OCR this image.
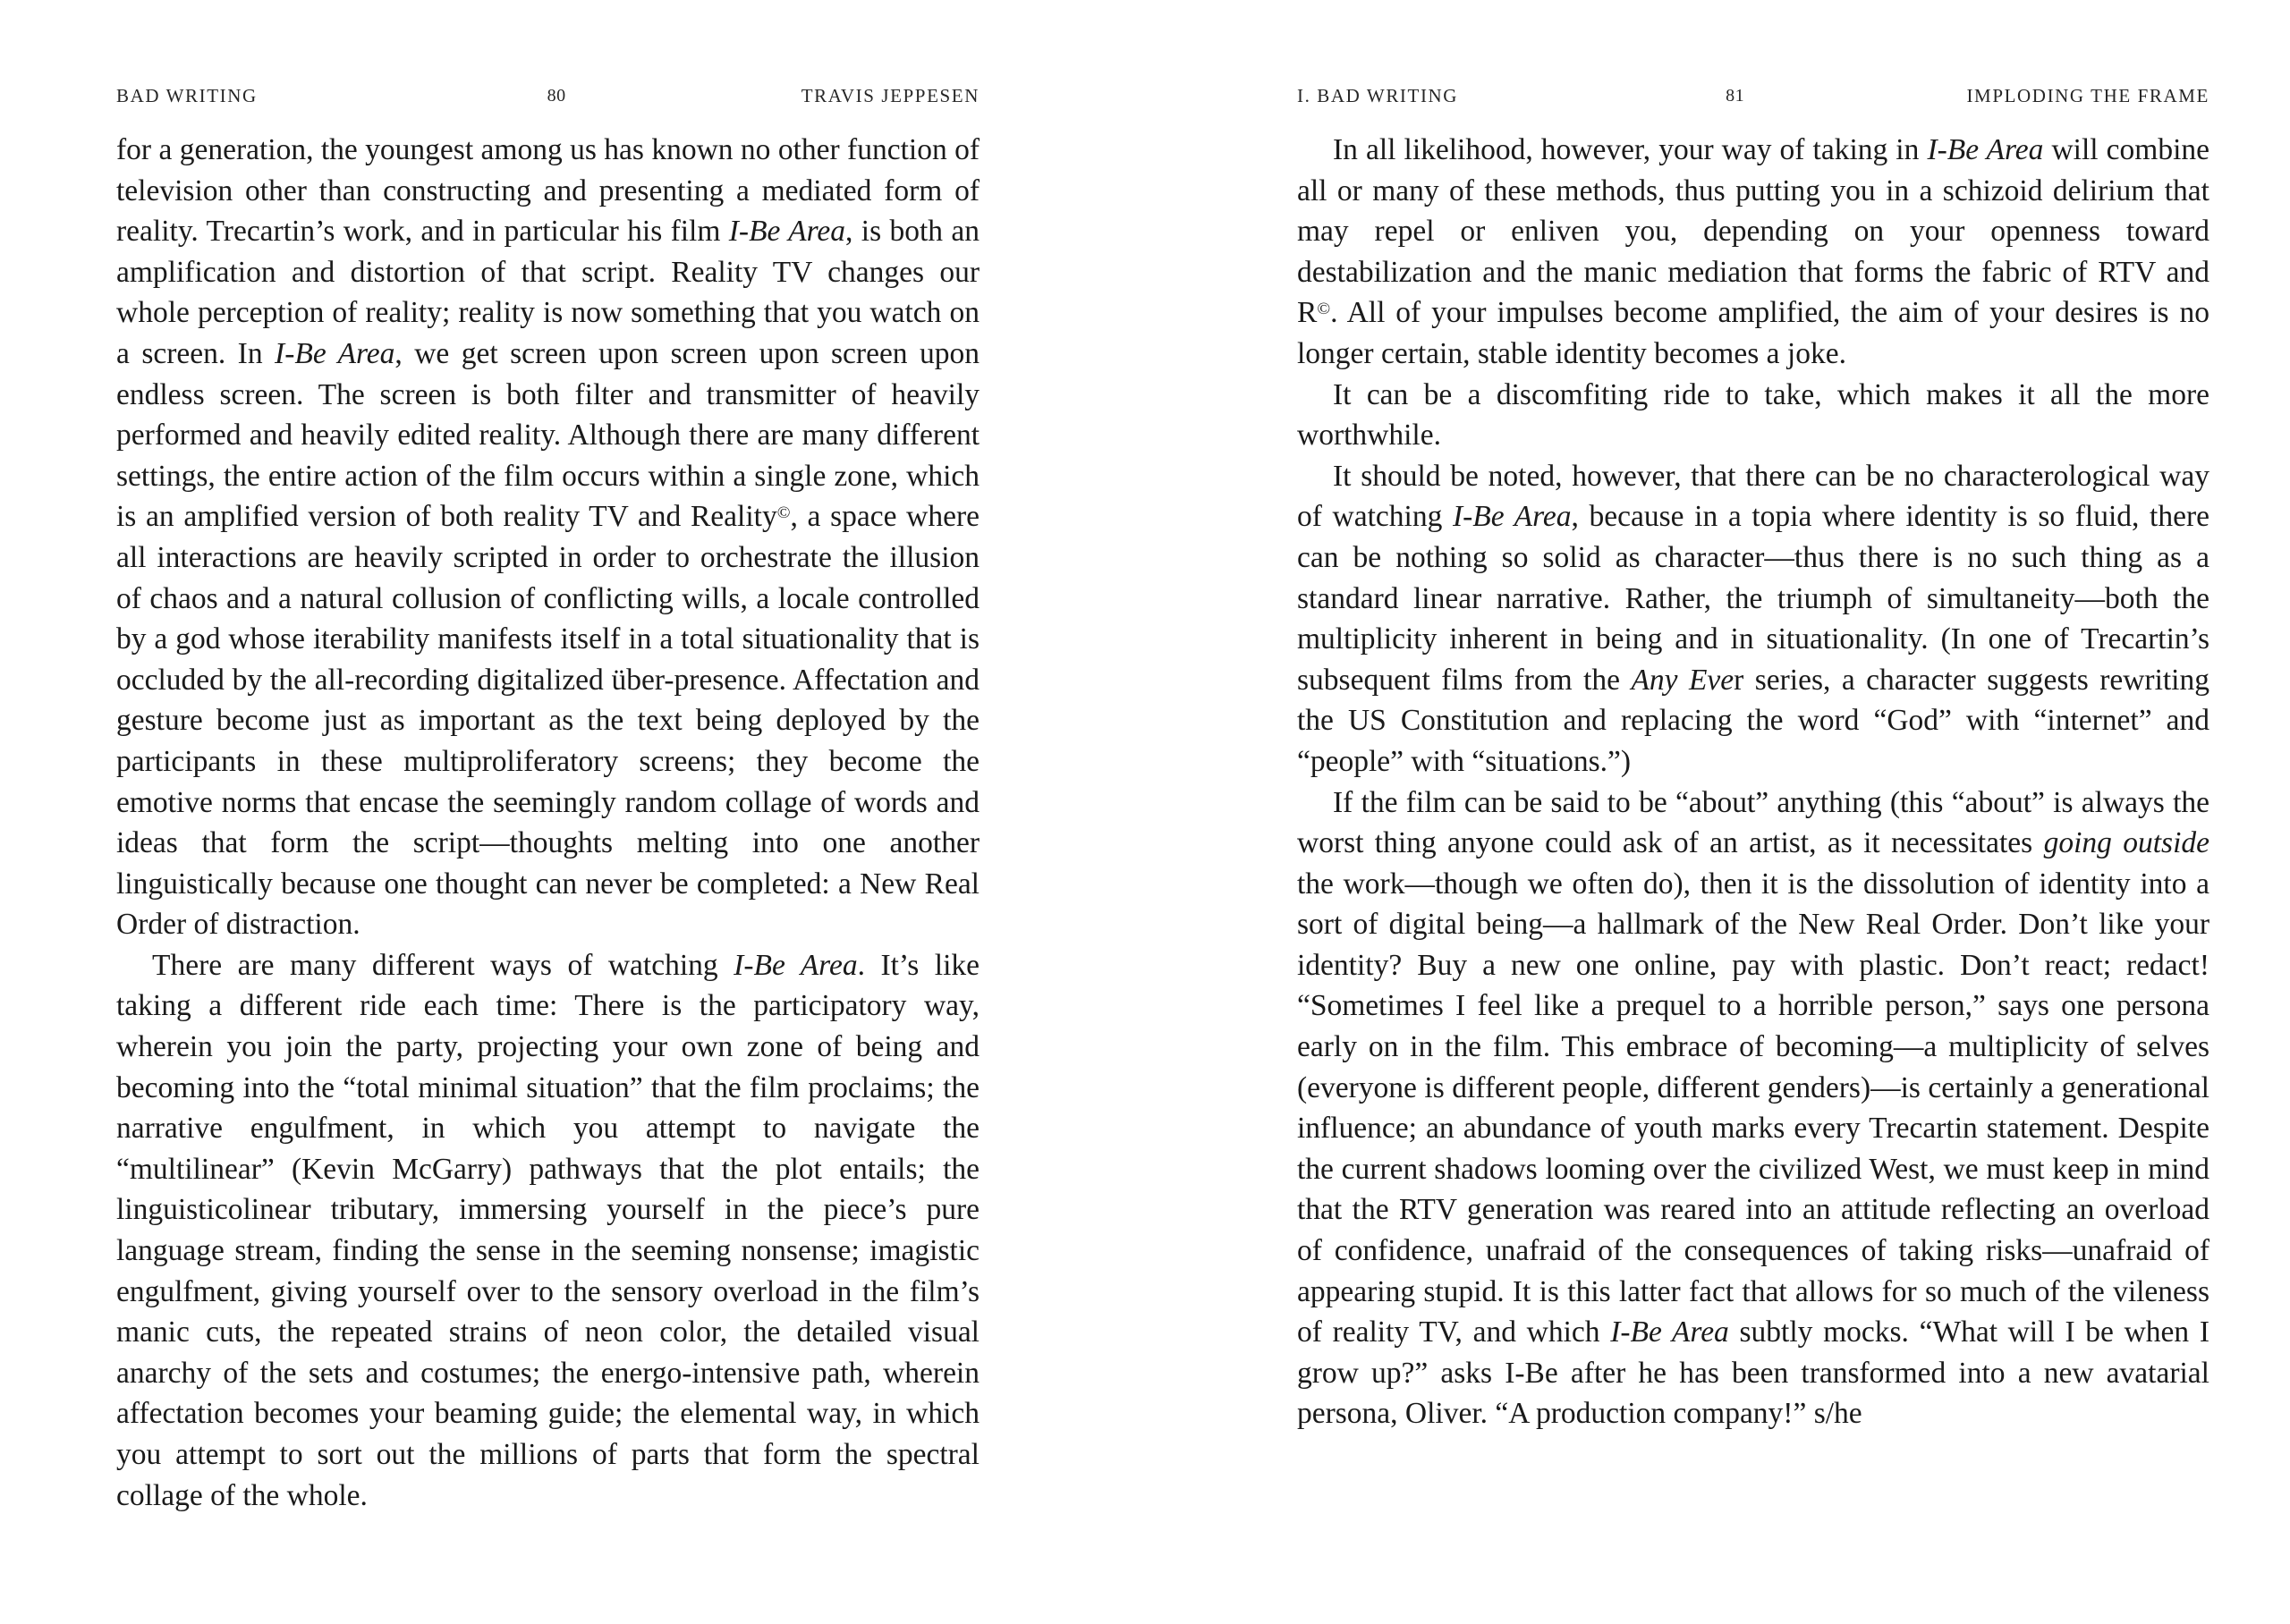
BAD WRITING	80	TRAVIS JEPPESEN

for a generation, the youngest among us has known no other function of television other than constructing and presenting a mediated form of reality. Trecartin’s work, and in particular his film I-Be Area, is both an amplification and distortion of that script. Reality TV changes our whole perception of reality; reality is now something that you watch on a screen. In I-Be Area, we get screen upon screen upon screen upon endless screen. The screen is both filter and transmitter of heavily performed and heavily edited reality. Although there are many different settings, the entire action of the film occurs within a single zone, which is an amplified version of both reality TV and Reality©, a space where all interactions are heavily scripted in order to orchestrate the illusion of chaos and a natural collusion of conflicting wills, a locale controlled by a god whose iterability manifests itself in a total situationality that is occluded by the all-recording digitalized über-presence. Affectation and gesture become just as important as the text being deployed by the participants in these multiproliferatory screens; they become the emotive norms that encase the seemingly random collage of words and ideas that form the script—thoughts melting into one another linguistically because one thought can never be completed: a New Real Order of distraction.

There are many different ways of watching I-Be Area. It’s like taking a different ride each time: There is the participatory way, wherein you join the party, projecting your own zone of being and becoming into the “total minimal situation” that the film proclaims; the narrative engulfment, in which you attempt to navigate the “multilinear” (Kevin McGarry) pathways that the plot entails; the linguisticolinear tributary, immersing yourself in the piece’s pure language stream, finding the sense in the seeming nonsense; imagistic engulfment, giving yourself over to the sensory overload in the film’s manic cuts, the repeated strains of neon color, the detailed visual anarchy of the sets and costumes; the energo-intensive path, wherein affectation becomes your beaming guide; the elemental way, in which you attempt to sort out the millions of parts that form the spectral collage of the whole.

I. BAD WRITING	81	IMPLODING THE FRAME

In all likelihood, however, your way of taking in I-Be Area will combine all or many of these methods, thus putting you in a schizoid delirium that may repel or enliven you, depending on your openness toward destabilization and the manic mediation that forms the fabric of RTV and R©. All of your impulses become amplified, the aim of your desires is no longer certain, stable identity becomes a joke.

It can be a discomfiting ride to take, which makes it all the more worthwhile.

It should be noted, however, that there can be no characterological way of watching I-Be Area, because in a topia where identity is so fluid, there can be nothing so solid as character—thus there is no such thing as a standard linear narrative. Rather, the triumph of simultaneity—both the multiplicity inherent in being and in situationality. (In one of Trecartin’s subsequent films from the Any Ever series, a character suggests rewriting the US Constitution and replacing the word “God” with “internet” and “people” with “situations.”)

If the film can be said to be “about” anything (this “about” is always the worst thing anyone could ask of an artist, as it necessitates going outside the work—though we often do), then it is the dissolution of identity into a sort of digital being—a hallmark of the New Real Order. Don’t like your identity? Buy a new one online, pay with plastic. Don’t react; redact! “Sometimes I feel like a prequel to a horrible person,” says one persona early on in the film. This embrace of becoming—a multiplicity of selves (everyone is different people, different genders)—is certainly a generational influence; an abundance of youth marks every Trecartin statement. Despite the current shadows looming over the civilized West, we must keep in mind that the RTV generation was reared into an attitude reflecting an overload of confidence, unafraid of the consequences of taking risks—unafraid of appearing stupid. It is this latter fact that allows for so much of the vileness of reality TV, and which I-Be Area subtly mocks. “What will I be when I grow up?” asks I-Be after he has been transformed into a new avatarial persona, Oliver. “A production company!” s/he
